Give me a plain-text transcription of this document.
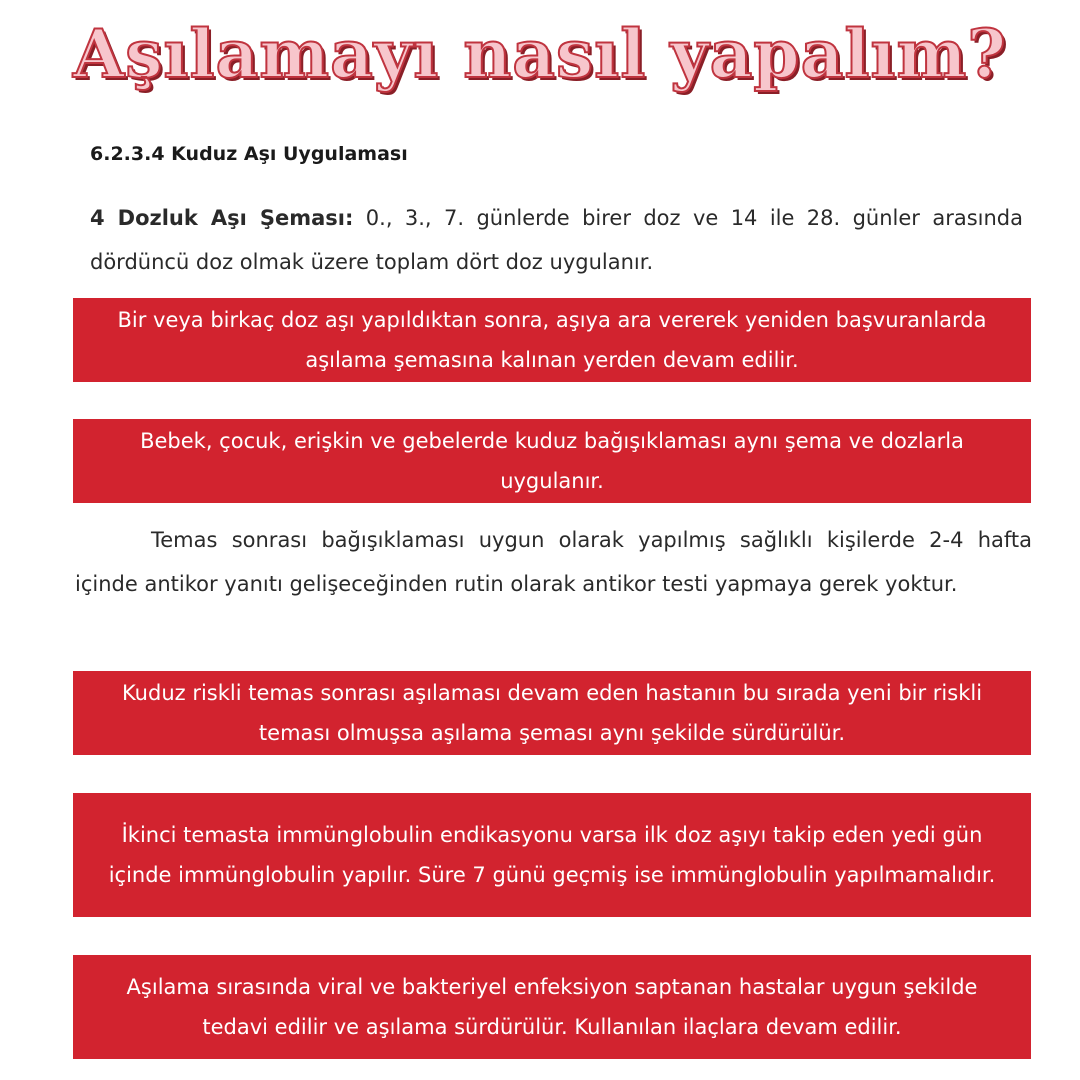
Aşılamayı nasıl yapalım?
6.2.3.4 Kuduz Aşı Uygulaması
4 Dozluk Aşı Şeması: 0., 3., 7. günlerde birer doz ve 14 ile 28. günler arasında dördüncü doz olmak üzere toplam dört doz uygulanır.
Bir veya birkaç doz aşı yapıldıktan sonra, aşıya ara vererek yeniden başvuranlarda aşılama şemasına kalınan yerden devam edilir.
Bebek, çocuk, erişkin ve gebelerde kuduz bağışıklaması aynı şema ve dozlarla uygulanır.
Temas sonrası bağışıklaması uygun olarak yapılmış sağlıklı kişilerde 2-4 hafta içinde antikor yanıtı gelişeceğinden rutin olarak antikor testi yapmaya gerek yoktur.
Kuduz riskli temas sonrası aşılaması devam eden hastanın bu sırada yeni bir riskli teması olmuşsa aşılama şeması aynı şekilde sürdürülür.
İkinci temasta immünglobulin endikasyonu varsa ilk doz aşıyı takip eden yedi gün içinde immünglobulin yapılır. Süre 7 günü geçmiş ise immünglobulin yapılmamalıdır.
Aşılama sırasında viral ve bakteriyel enfeksiyon saptanan hastalar uygun şekilde tedavi edilir ve aşılama sürdürülür. Kullanılan ilaçlara devam edilir.
